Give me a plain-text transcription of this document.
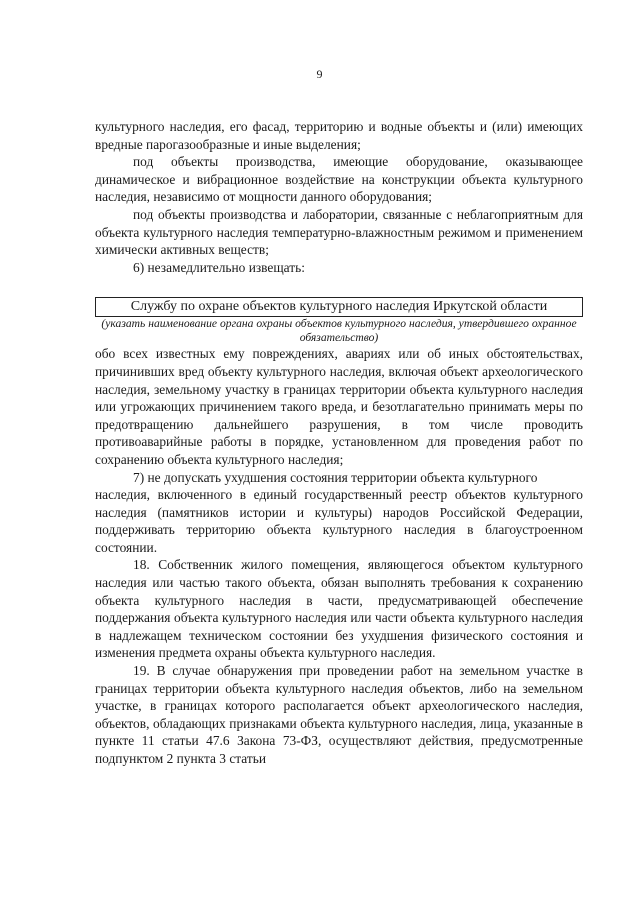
9

культурного наследия, его фасад, территорию и водные объекты и (или) имеющих вредные парогазообразные и иные выделения;

под объекты производства, имеющие оборудование, оказывающее динамическое и вибрационное воздействие на конструкции объекта культурного наследия, независимо от мощности данного оборудования;

под объекты производства и лаборатории, связанные с неблагоприятным для объекта культурного наследия температурно-влажностным режимом и применением химически активных веществ;

6) незамедлительно извещать:

Службу по охране объектов культурного наследия Иркутской области

(указать наименование органа охраны объектов культурного наследия, утвердившего охранное обязательство)

обо всех известных ему повреждениях, авариях или об иных обстоятельствах, причинивших вред объекту культурного наследия, включая объект археологического наследия, земельному участку в границах территории объекта культурного наследия или угрожающих причинением такого вреда, и безотлагательно принимать меры по предотвращению дальнейшего разрушения, в том числе проводить противоаварийные работы в порядке, установленном для проведения работ по сохранению объекта культурного наследия;

7) не допускать ухудшения состояния территории объекта культурного

наследия, включенного в единый государственный реестр объектов культурного наследия (памятников истории и культуры) народов Российской Федерации, поддерживать территорию объекта культурного наследия в благоустроенном состоянии.

18. Собственник жилого помещения, являющегося объектом культурного наследия или частью такого объекта, обязан выполнять требования к сохранению объекта культурного наследия в части, предусматривающей обеспечение поддержания объекта культурного наследия или части объекта культурного наследия в надлежащем техническом состоянии без ухудшения физического состояния и изменения предмета охраны объекта культурного наследия.

19. В случае обнаружения при проведении работ на земельном участке в границах территории объекта культурного наследия объектов, либо на земельном участке, в границах которого располагается объект археологического наследия, объектов, обладающих признаками объекта культурного наследия, лица, указанные в пункте 11 статьи 47.6 Закона 73-ФЗ, осуществляют действия, предусмотренные подпунктом 2 пункта 3 статьи
